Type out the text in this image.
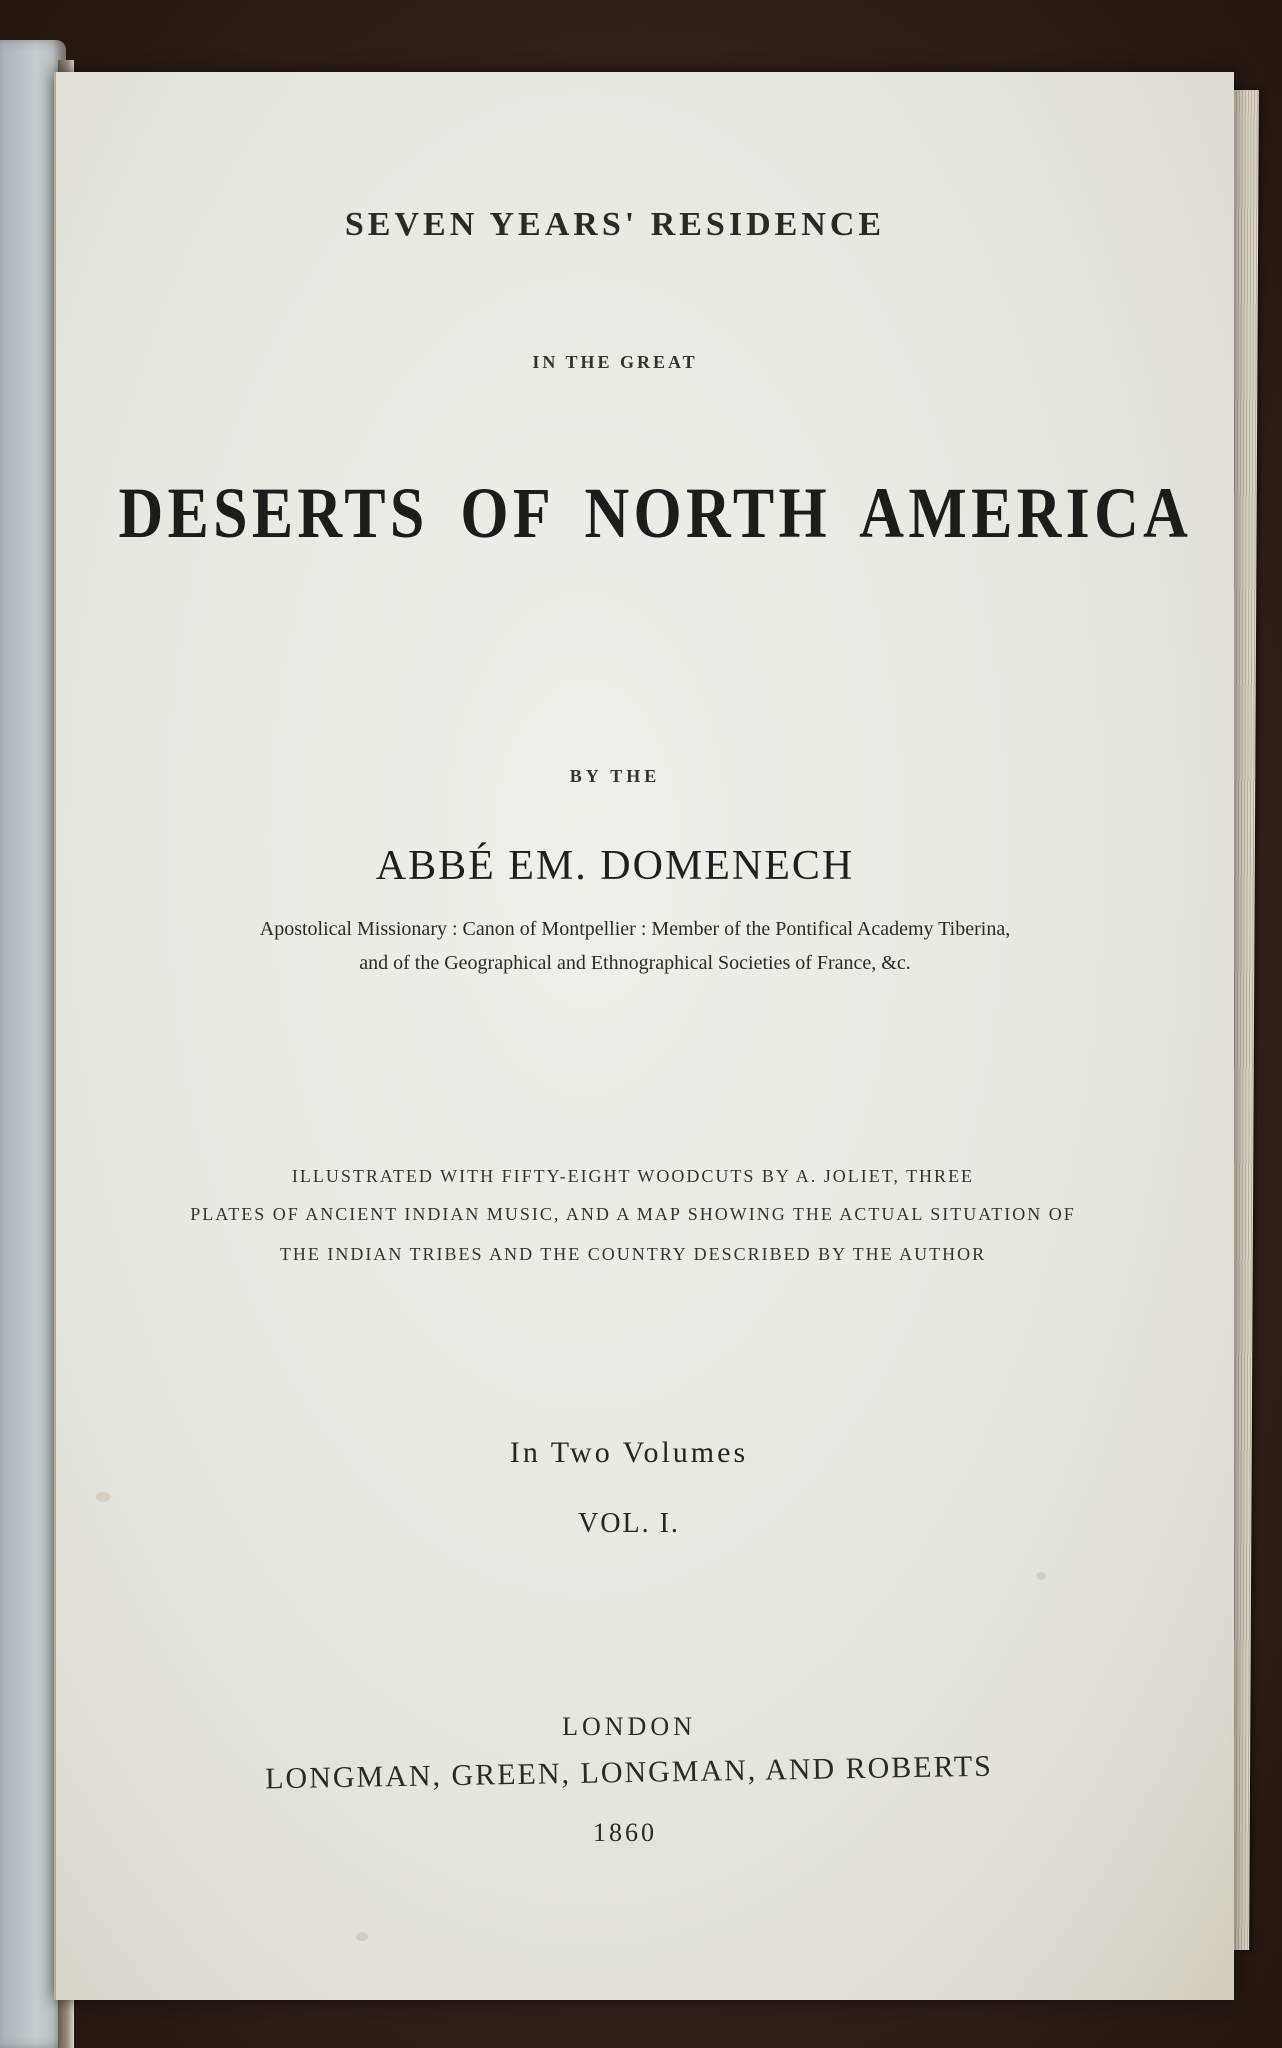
SEVEN YEARS' RESIDENCE

IN THE GREAT

DESERTS OF NORTH AMERICA

BY THE

ABBÉ EM. DOMENECH

Apostolical Missionary : Canon of Montpellier : Member of the Pontifical Academy Tiberina,

and of the Geographical and Ethnographical Societies of France, &c.

ILLUSTRATED WITH FIFTY-EIGHT WOODCUTS BY A. JOLIET, THREE

PLATES OF ANCIENT INDIAN MUSIC, AND A MAP SHOWING THE ACTUAL SITUATION OF

THE INDIAN TRIBES AND THE COUNTRY DESCRIBED BY THE AUTHOR

In Two Volumes

VOL. I.

LONDON

LONGMAN, GREEN, LONGMAN, AND ROBERTS

1860
